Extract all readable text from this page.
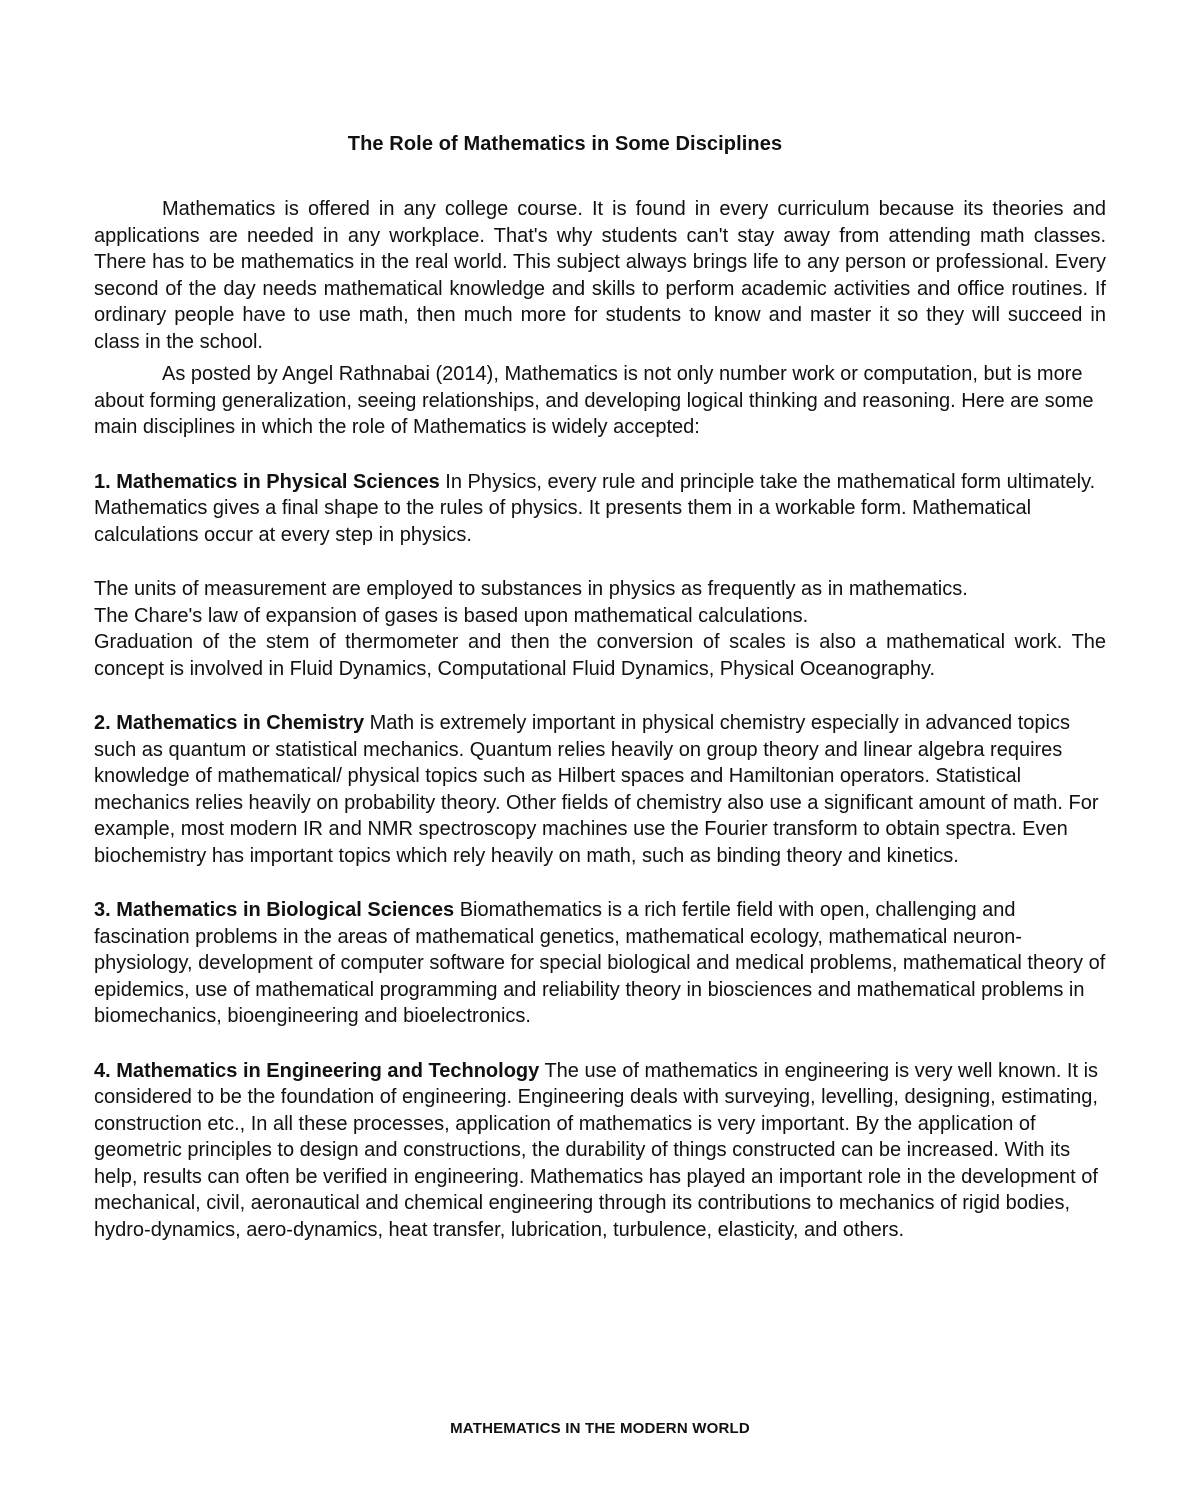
The Role of Mathematics in Some Disciplines

Mathematics is offered in any college course. It is found in every curriculum because its theories and applications are needed in any workplace. That's why students can't stay away from attending math classes. There has to be mathematics in the real world. This subject always brings life to any person or professional. Every second of the day needs mathematical knowledge and skills to perform academic activities and office routines. If ordinary people have to use math, then much more for students to know and master it so they will succeed in class in the school.

As posted by Angel Rathnabai (2014), Mathematics is not only number work or computation, but is more about forming generalization, seeing relationships, and developing logical thinking and reasoning. Here are some main disciplines in which the role of Mathematics is widely accepted:

1. Mathematics in Physical Sciences In Physics, every rule and principle take the mathematical form ultimately. Mathematics gives a final shape to the rules of physics. It presents them in a workable form. Mathematical calculations occur at every step in physics.

The units of measurement are employed to substances in physics as frequently as in mathematics.

The Chare's law of expansion of gases is based upon mathematical calculations.

Graduation of the stem of thermometer and then the conversion of scales is also a mathematical work. The concept is involved in Fluid Dynamics, Computational Fluid Dynamics, Physical Oceanography.

2. Mathematics in Chemistry Math is extremely important in physical chemistry especially in advanced topics such as quantum or statistical mechanics. Quantum relies heavily on group theory and linear algebra requires knowledge of mathematical/ physical topics such as Hilbert spaces and Hamiltonian operators. Statistical mechanics relies heavily on probability theory. Other fields of chemistry also use a significant amount of math. For example, most modern IR and NMR spectroscopy machines use the Fourier transform to obtain spectra. Even biochemistry has important topics which rely heavily on math, such as binding theory and kinetics.

3. Mathematics in Biological Sciences Biomathematics is a rich fertile field with open, challenging and fascination problems in the areas of mathematical genetics, mathematical ecology, mathematical neuron- physiology, development of computer software for special biological and medical problems, mathematical theory of epidemics, use of mathematical programming and reliability theory in biosciences and mathematical problems in biomechanics, bioengineering and bioelectronics.

4. Mathematics in Engineering and Technology The use of mathematics in engineering is very well known. It is considered to be the foundation of engineering. Engineering deals with surveying, levelling, designing, estimating, construction etc., In all these processes, application of mathematics is very important. By the application of geometric principles to design and constructions, the durability of things constructed can be increased. With its help, results can often be verified in engineering. Mathematics has played an important role in the development of mechanical, civil, aeronautical and chemical engineering through its contributions to mechanics of rigid bodies, hydro-dynamics, aero-dynamics, heat transfer, lubrication, turbulence, elasticity, and others.

MATHEMATICS IN THE MODERN WORLD
